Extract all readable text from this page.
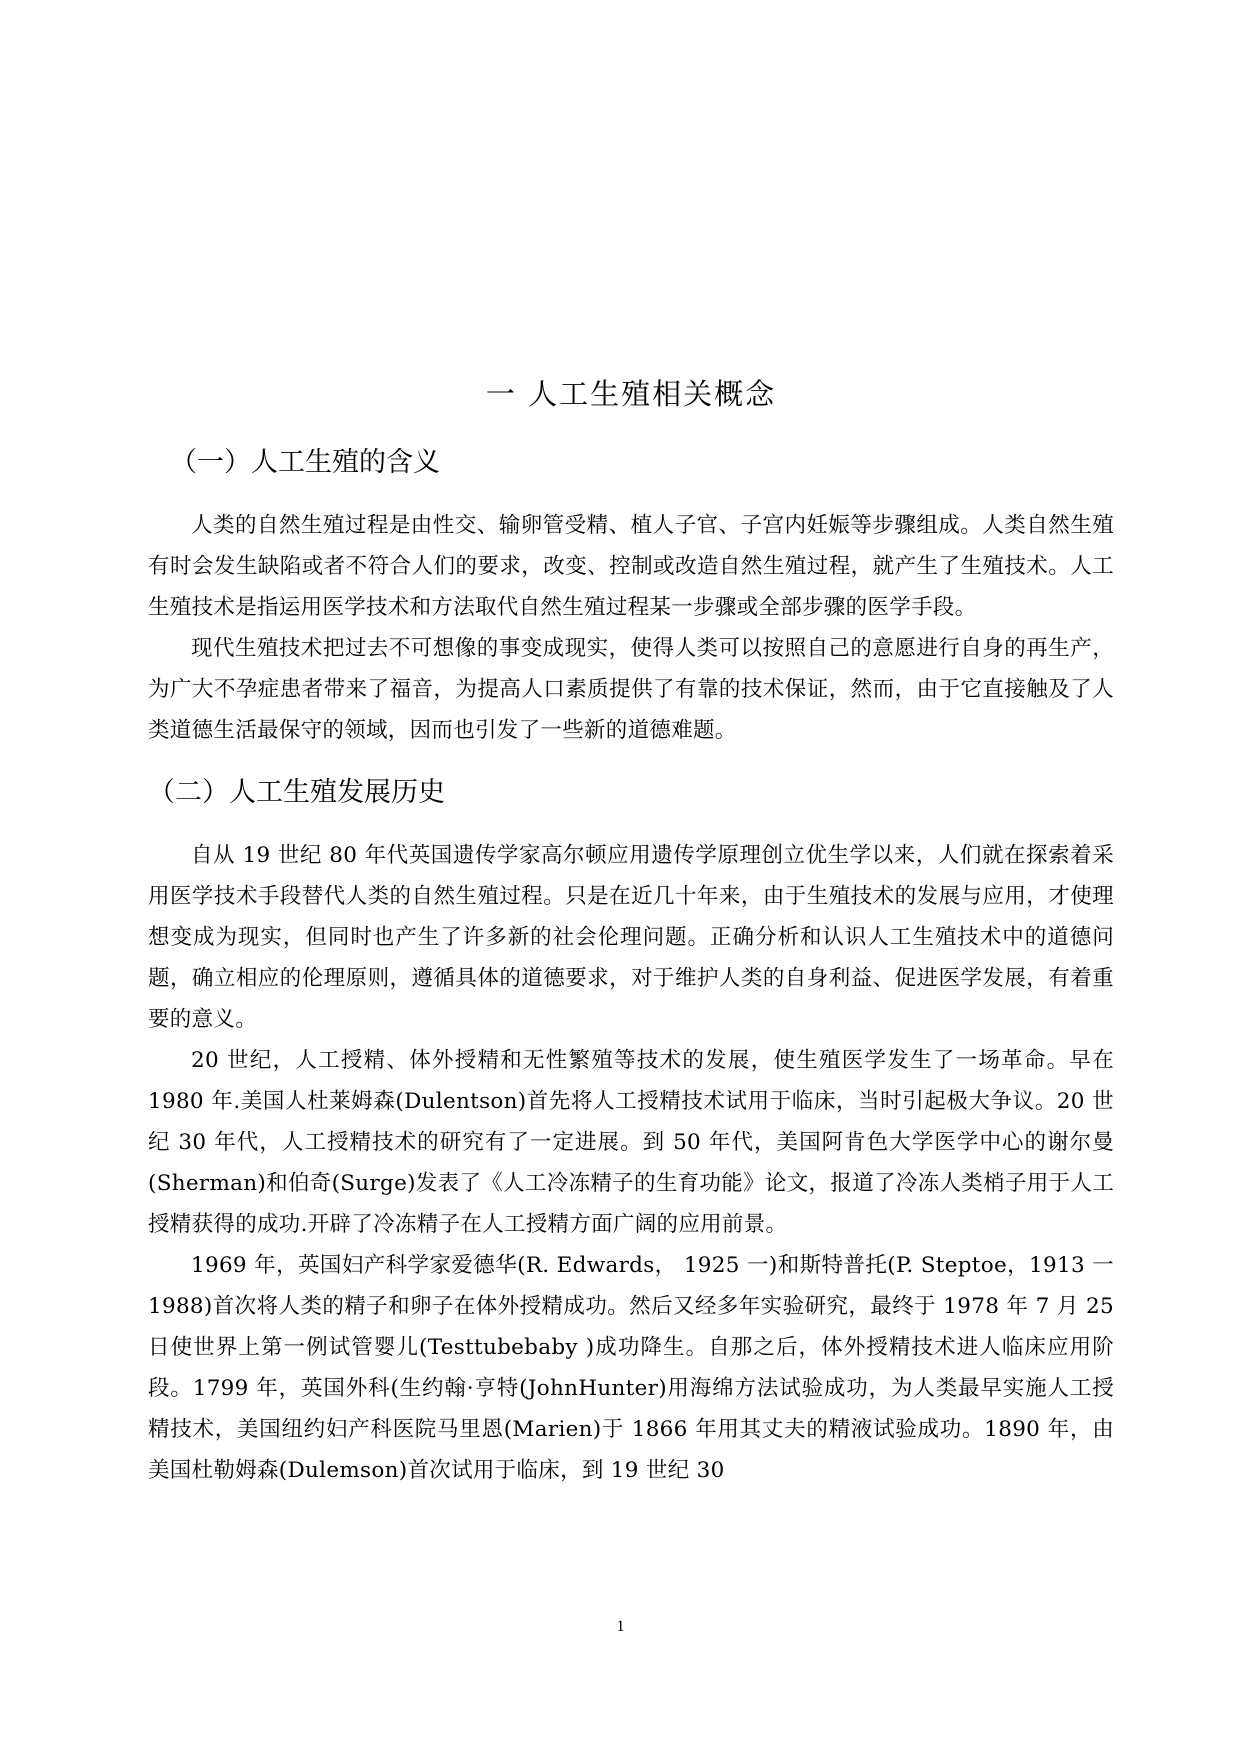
一 人工生殖相关概念
（一）人工生殖的含义

人类的自然生殖过程是由性交、输卵管受精、植人子官、子宫内妊娠等步骤组成。人类自然生殖有时会发生缺陷或者不符合人们的要求，改变、控制或改造自然生殖过程，就产生了生殖技术。人工生殖技术是指运用医学技术和方法取代自然生殖过程某一步骤或全部步骤的医学手段。

现代生殖技术把过去不可想像的事变成现实，使得人类可以按照自己的意愿进行自身的再生产，为广大不孕症患者带来了福音，为提高人口素质提供了有靠的技术保证，然而，由于它直接触及了人类道德生活最保守的领域，因而也引发了一些新的道德难题。

（二）人工生殖发展历史

自从 19 世纪 80 年代英国遗传学家高尔顿应用遗传学原理创立优生学以来，人们就在探索着采用医学技术手段替代人类的自然生殖过程。只是在近几十年来，由于生殖技术的发展与应用，才使理想变成为现实，但同时也产生了许多新的社会伦理问题。正确分析和认识人工生殖技术中的道德问题，确立相应的伦理原则，遵循具体的道德要求，对于维护人类的自身利益、促进医学发展，有着重要的意义。

20 世纪，人工授精、体外授精和无性繁殖等技术的发展，使生殖医学发生了一场革命。早在 1980 年.美国人杜莱姆森(Dulentson)首先将人工授精技术试用于临床，当时引起极大争议。20 世纪 30 年代，人工授精技术的研究有了一定进展。到 50 年代，美国阿肯色大学医学中心的谢尔曼(Sherman)和伯奇(Surge)发表了《人工冷冻精子的生育功能》论文，报道了冷冻人类梢子用于人工授精获得的成功.开辟了冷冻精子在人工授精方面广阔的应用前景。

1969 年，英国妇产科学家爱德华(R. Edwards， 1925 一)和斯特普托(P. Steptoe，1913 一 1988)首次将人类的精子和卵子在体外授精成功。然后又经多年实验研究，最终于 1978 年 7 月 25 日使世界上第一例试管婴儿(Testtubebaby )成功降生。自那之后，体外授精技术进人临床应用阶段。1799 年，英国外科(生约翰·亨特(JohnHunter)用海绵方法试验成功，为人类最早实施人工授精技术，美国纽约妇产科医院马里恩(Marien)于 1866 年用其丈夫的精液试验成功。1890 年，由美国杜勒姆森(Dulemson)首次试用于临床，到 19 世纪 30

1
